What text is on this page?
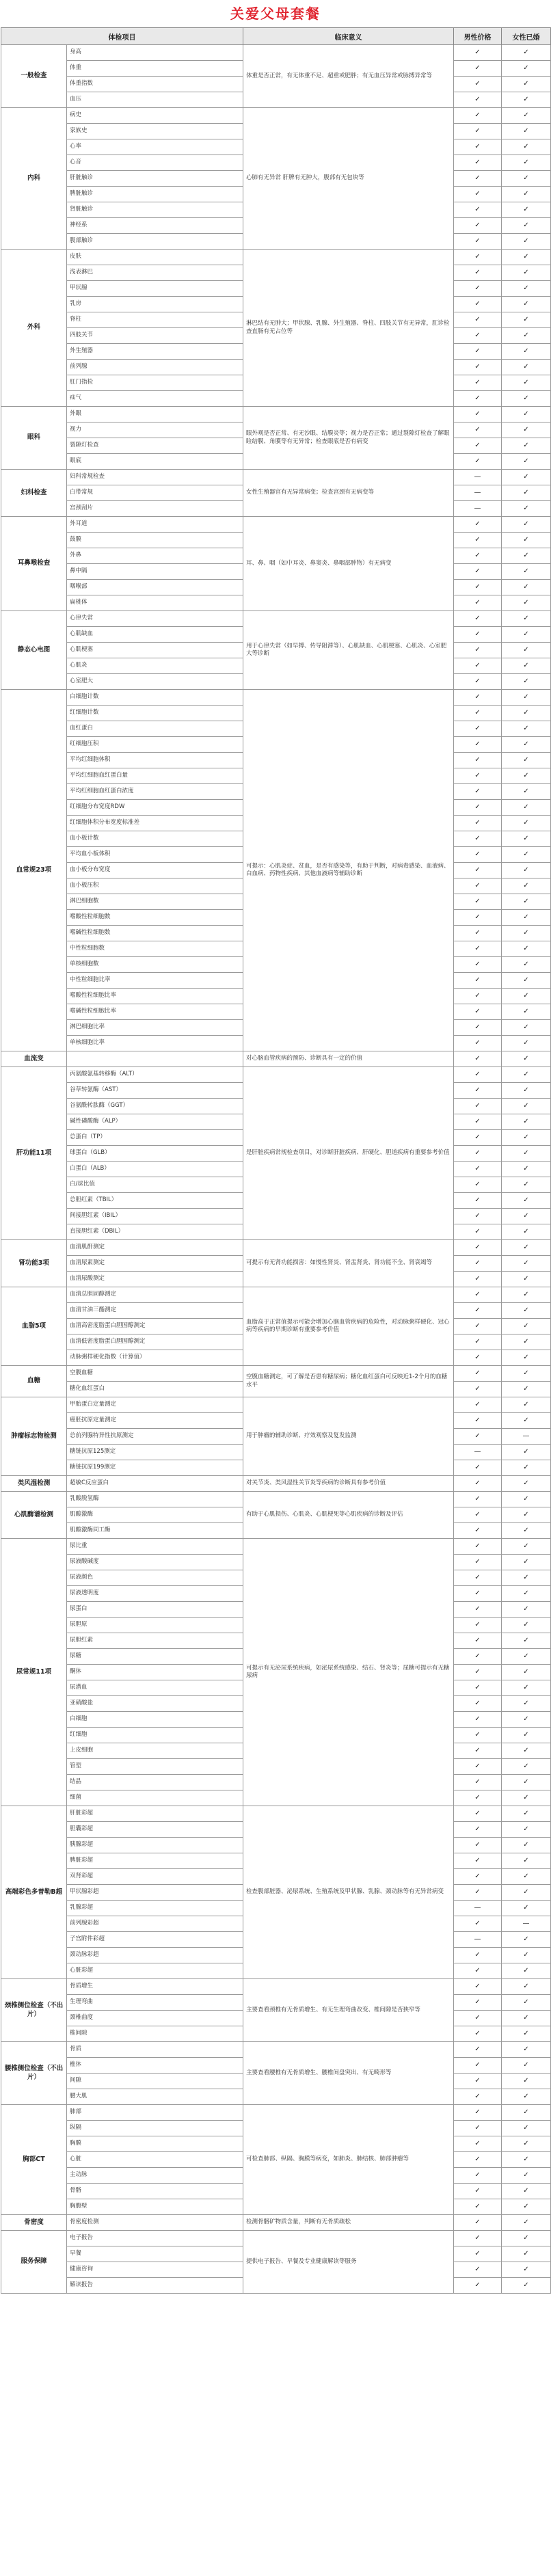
关爱父母套餐
体检项目		临床意义	男性价格	女性已婚
一般检查	身高	体重是否正常，有无体重不足、超重或肥胖；有无血压异常或脉搏异常等	✓	✓
	体重		✓	✓
	体重指数		✓	✓
	血压		✓	✓
内科	病史	心肺有无异常 肝脾有无肿大，腹部有无包块等	✓	✓
	家族史		✓	✓
	心率		✓	✓
	心音		✓	✓
	肝脏触诊		✓	✓
	脾脏触诊		✓	✓
	肾脏触诊		✓	✓
	神经系		✓	✓
	腹部触诊		✓	✓
外科	皮肤	淋巴结有无肿大；甲状腺、乳腺、外生殖器、脊柱、四肢关节有无异常，肛诊检查直肠有无占位等	✓	✓
	浅表淋巴		✓	✓
	甲状腺		✓	✓
	乳房		✓	✓
	脊柱		✓	✓
	四肢关节		✓	✓
	外生殖器		✓	✓
	前列腺		✓	✓
	肛门指检		✓	✓
	疝气		✓	✓
眼科	外眼	眼外观是否正常、有无沙眼、结膜炎等；视力是否正常；通过裂隙灯检查了解眼睑结膜、角膜等有无异常；检查眼底是否有病变	✓	✓
	视力		✓	✓
	裂隙灯检查		✓	✓
	眼底		✓	✓
妇科检查	妇科常规检查	女性生殖器官有无异常病变；检查宫颈有无病变等	—	✓
	白带常规		—	✓
	宫颈刮片		—	✓
耳鼻喉检查	外耳道	耳、鼻、咽（如中耳炎、鼻窦炎、鼻咽部肿物）有无病变	✓	✓
	鼓膜		✓	✓
	外鼻		✓	✓
	鼻中隔		✓	✓
	咽喉部		✓	✓
	扁桃体		✓	✓
静态心电图	心律失常	用于心律失常（如早搏、传导阻滞等）、心肌缺血、心肌梗塞、心肌炎、心室肥大等诊断	✓	✓
	心肌缺血		✓	✓
	心肌梗塞		✓	✓
	心肌炎		✓	✓
	心室肥大		✓	✓
血常规23项	白细胞计数	可提示：心肌炎症、贫血，是否有感染等，有助于判断，对病毒感染、血液病、白血病、药物性疾病、其他血液病等辅助诊断	✓	✓
	红细胞计数		✓	✓
	血红蛋白		✓	✓
	红细胞压积		✓	✓
	平均红细胞体积		✓	✓
	平均红细胞血红蛋白量		✓	✓
	平均红细胞血红蛋白浓度		✓	✓
	红细胞分布宽度RDW		✓	✓
	红细胞体积分布宽度标准差		✓	✓
	血小板计数		✓	✓
	平均血小板体积		✓	✓
	血小板分布宽度		✓	✓
	血小板压积		✓	✓
	淋巴细胞数		✓	✓
	嗜酸性粒细胞数		✓	✓
	嗜碱性粒细胞数		✓	✓
	中性粒细胞数		✓	✓
	单核细胞数		✓	✓
	中性粒细胞比率		✓	✓
	嗜酸性粒细胞比率		✓	✓
	嗜碱性粒细胞比率		✓	✓
	淋巴细胞比率		✓	✓
	单核细胞比率		✓	✓
血流变		对心脑血管疾病的预防、诊断具有一定的价值	✓	✓
肝功能11项	丙氨酸氨基转移酶（ALT）	是肝脏疾病常规检查项目，对诊断肝脏疾病、肝硬化、胆道疾病有重要参考价值	✓	✓
	谷草转氨酶（AST）		✓	✓
	谷氨酰转肽酶（GGT）		✓	✓
	碱性磷酸酶（ALP）		✓	✓
	总蛋白（TP）		✓	✓
	球蛋白（GLB）		✓	✓
	白蛋白（ALB）		✓	✓
	白/球比值		✓	✓
	总胆红素（TBIL）		✓	✓
	间接胆红素（IBIL）		✓	✓
	直接胆红素（DBIL）		✓	✓
肾功能3项	血清肌酐测定	可提示有无肾功能损害：如慢性肾炎、肾盂肾炎、肾功能不全、肾衰竭等	✓	✓
	血清尿素测定		✓	✓
	血清尿酸测定		✓	✓
血脂5项	血清总胆固醇测定	血脂高于正常值提示可能会增加心脑血管疾病的危险性，对动脉粥样硬化、冠心病等疾病的早期诊断有重要参考价值	✓	✓
	血清甘油三酯测定		✓	✓
	血清高密度脂蛋白胆固醇测定		✓	✓
	血清低密度脂蛋白胆固醇测定		✓	✓
	动脉粥样硬化指数（计算值）		✓	✓
血糖	空腹血糖	空腹血糖测定，可了解是否患有糖尿病；糖化血红蛋白可反映近1-2个月的血糖水平	✓	✓
	糖化血红蛋白		✓	✓
肿瘤标志物检测	甲胎蛋白定量测定	用于肿瘤的辅助诊断、疗效观察及复发监测	✓	✓
	癌胚抗原定量测定		✓	✓
	总前列腺特异性抗原测定		✓	—
	糖链抗原125测定		—	✓
	糖链抗原199测定		✓	✓
类风湿检测	超敏C反应蛋白	对关节炎、类风湿性关节炎等疾病的诊断具有参考价值	✓	✓
心肌酶谱检测	乳酸脱氢酶	有助于心肌损伤、心肌炎、心肌梗死等心肌疾病的诊断及评估	✓	✓
	肌酸激酶		✓	✓
	肌酸激酶同工酶		✓	✓
尿常规11项	尿比重	可提示有无泌尿系统疾病，如泌尿系统感染、结石、肾炎等；尿糖可提示有无糖尿病	✓	✓
	尿液酸碱度		✓	✓
	尿液颜色		✓	✓
	尿液透明度		✓	✓
	尿蛋白		✓	✓
	尿胆原		✓	✓
	尿胆红素		✓	✓
	尿糖		✓	✓
	酮体		✓	✓
	尿潜血		✓	✓
	亚硝酸盐		✓	✓
	白细胞		✓	✓
	红细胞		✓	✓
	上皮细胞		✓	✓
	管型		✓	✓
	结晶		✓	✓
	细菌		✓	✓
高端彩色多普勒B超	肝脏彩超	检查腹部脏器、泌尿系统、生殖系统及甲状腺、乳腺、颈动脉等有无异常病变	✓	✓
	胆囊彩超		✓	✓
	胰腺彩超		✓	✓
	脾脏彩超		✓	✓
	双肾彩超		✓	✓
	甲状腺彩超		✓	✓
	乳腺彩超		—	✓
	前列腺彩超		✓	—
	子宫附件彩超		—	✓
	颈动脉彩超		✓	✓
	心脏彩超		✓	✓
颈椎侧位检查（不出片）	骨质增生	主要查看颈椎有无骨质增生、有无生理弯曲改变、椎间隙是否狭窄等	✓	✓
	生理弯曲		✓	✓
	颈椎曲度		✓	✓
	椎间隙		✓	✓
腰椎侧位检查（不出片）	骨质	主要查看腰椎有无骨质增生、腰椎间盘突出、有无畸形等	✓	✓
	椎体		✓	✓
	间隙		✓	✓
	腰大肌		✓	✓
胸部CT	肺部	可检查肺部、纵隔、胸膜等病变，如肺炎、肺结核、肺部肿瘤等	✓	✓
	纵隔		✓	✓
	胸膜		✓	✓
	心脏		✓	✓
	主动脉		✓	✓
	骨骼		✓	✓
	胸腹壁		✓	✓
骨密度	骨密度检测	检测骨骼矿物质含量，判断有无骨质疏松	✓	✓
服务保障	电子报告	提供电子报告、早餐及专业健康解读等服务	✓	✓
	早餐		✓	✓
	健康咨询		✓	✓
	解读报告		✓	✓
